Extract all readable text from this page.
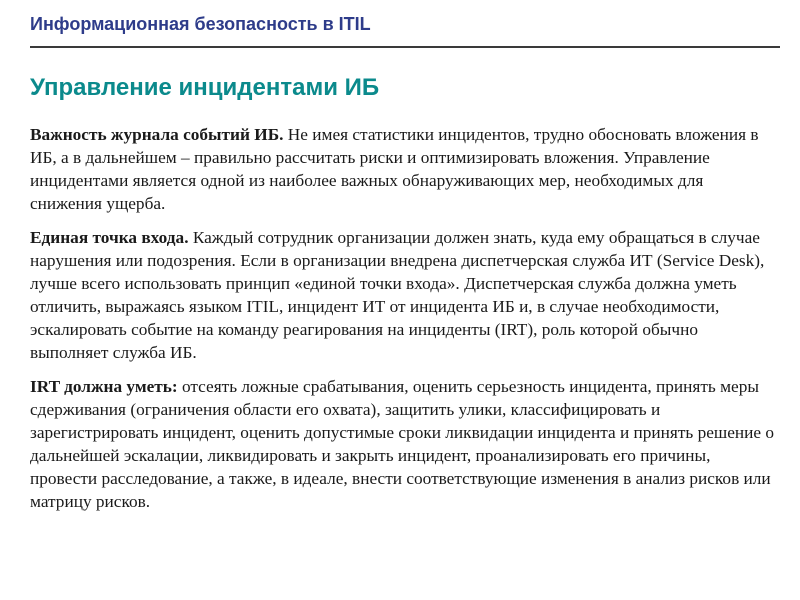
Информационная безопасность в ITIL
Управление инцидентами ИБ

Важность журнала событий ИБ. Не имея статистики инцидентов, трудно обосновать вложения в ИБ, а в дальнейшем – правильно рассчитать риски и оптимизировать вложения. Управление инцидентами является одной из наиболее важных обнаруживающих мер, необходимых для снижения ущерба.

Единая точка входа. Каждый сотрудник организации должен знать, куда ему обращаться в случае нарушения или подозрения. Если в организации внедрена диспетчерская служба ИТ (Service Desk), лучше всего использовать принцип «единой точки входа». Диспетчерская служба должна уметь отличить, выражаясь языком ITIL, инцидент ИТ от инцидента ИБ и, в случае необходимости, эскалировать событие на команду реагирования на инциденты (IRT), роль которой обычно выполняет служба ИБ.

IRT должна уметь: отсеять ложные срабатывания, оценить серьезность инцидента, принять меры сдерживания (ограничения области его охвата), защитить улики, классифицировать и зарегистрировать инцидент, оценить допустимые сроки ликвидации инцидента и принять решение о дальнейшей эскалации, ликвидировать и закрыть инцидент, проанализировать его причины, провести расследование, а также, в идеале, внести соответствующие изменения в анализ рисков или матрицу рисков.
